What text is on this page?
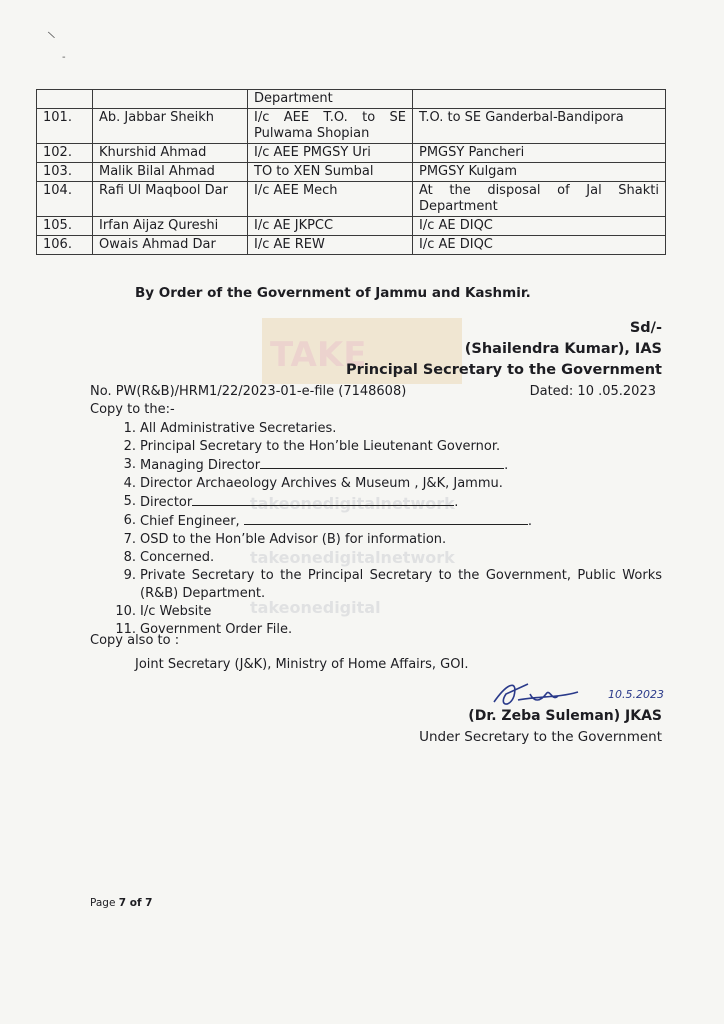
\
-
TAKE
takeonedigitalnetwork
takeonedigitalnetwork
takeonedigital
		Department	
101.	Ab. Jabbar Sheikh	I/c AEE T.O. to SE Pulwama Shopian	T.O. to SE Ganderbal-Bandipora
102.	Khurshid Ahmad	I/c AEE PMGSY Uri	PMGSY Pancheri
103.	Malik Bilal Ahmad	TO to XEN Sumbal	PMGSY Kulgam
104.	Rafi Ul Maqbool Dar	I/c AEE Mech	At the disposal of Jal Shakti Department
105.	Irfan Aijaz Qureshi	I/c AE JKPCC	I/c AE DIQC
106.	Owais Ahmad Dar	I/c AE REW	I/c AE DIQC
By Order of the Government of Jammu and Kashmir.
Sd/-
(Shailendra Kumar), IAS
Principal Secretary to the Government
No. PW(R&B)/HRM1/22/2023-01-e-file (7148608)	Dated: 10 .05.2023
Copy to the:-
1. All Administrative Secretaries.
2. Principal Secretary to the Hon’ble Lieutenant Governor.
3. Managing Director	.
4. Director Archaeology Archives & Museum , J&K, Jammu.
5. Director	.
6. Chief Engineer,	.
7. OSD to the Hon’ble Advisor (B) for information.
8. Concerned.
9. Private Secretary to the Principal Secretary to the Government, Public Works (R&B) Department.
10. I/c Website
11. Government Order File.
Copy also to :
Joint Secretary (J&K), Ministry of Home Affairs, GOI.
10.5.2023
(Dr. Zeba Suleman) JKAS
Under Secretary to the Government
Page 7 of 7
